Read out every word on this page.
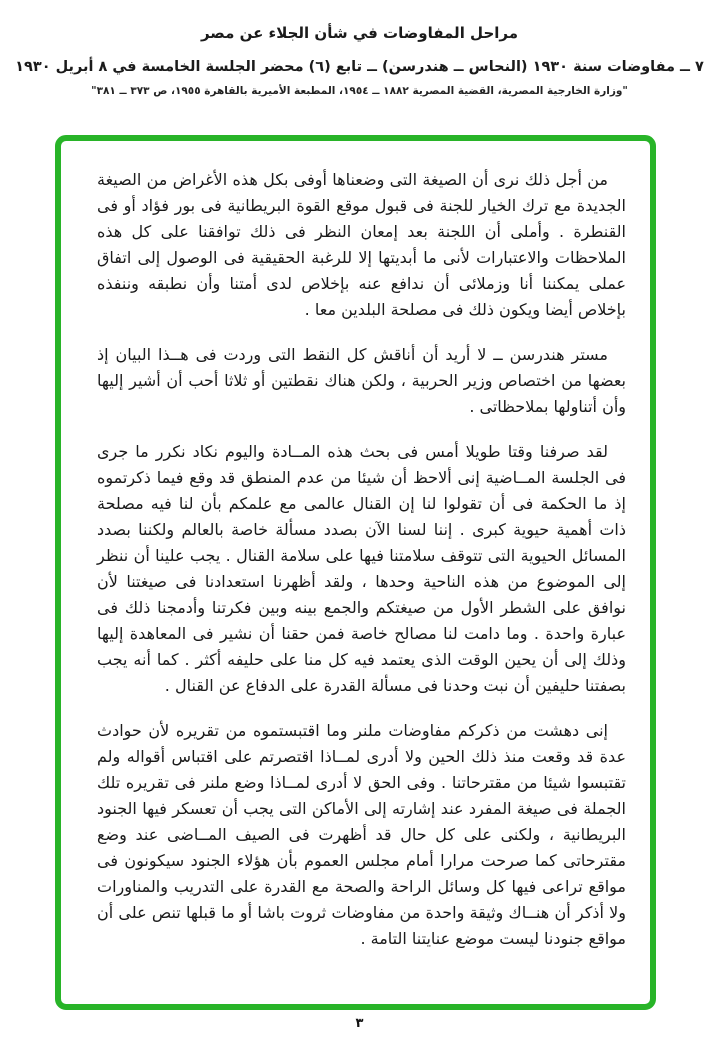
مراحل المفاوضات في شأن الجلاء عن مصر
٧ ــ مفاوضات سنة ١٩٣٠ (النحاس ــ هندرسن) ــ تابع (٦) محضر الجلسة الخامسة في ٨ أبريل ١٩٣٠
"وزارة الخارجية المصرية، القضية المصرية ١٨٨٢ ــ ١٩٥٤، المطبعة الأميرية بالقاهرة ١٩٥٥، ص ٣٧٣ ــ ٣٨١"

من أجل ذلك نرى أن الصيغة التى وضعناها أوفى بكل هذه الأغراض من الصيغة الجديدة مع ترك الخيار للجنة فى قبول موقع القوة البريطانية فى بور فؤاد أو فى القنطرة . وأملى أن اللجنة بعد إمعان النظر فى ذلك توافقنا على كل هذه الملاحظات والاعتبارات لأنى ما أبديتها إلا للرغبة الحقيقية فى الوصول إلى اتفاق عملى يمكننا أنا وزملائى أن ندافع عنه بإخلاص لدى أمتنا وأن نطبقه وننفذه بإخلاص أيضا ويكون ذلك فى مصلحة البلدين معا .

مستر هندرسن ــ لا أريد أن أناقش كل النقط التى وردت فى هــذا البيان إذ بعضها من اختصاص وزير الحربية ، ولكن هناك نقطتين أو ثلاثا أحب أن أشير إليها وأن أتناولها بملاحظاتى .

لقد صرفنا وقتا طويلا أمس فى بحث هذه المــادة واليوم نكاد نكرر ما جرى فى الجلسة المــاضية إنى ألاحظ أن شيئا من عدم المنطق قد وقع فيما ذكرتموه إذ ما الحكمة فى أن تقولوا لنا إن القنال عالمى مع علمكم بأن لنا فيه مصلحة ذات أهمية حيوية كبرى . إننا لسنا الآن بصدد مسألة خاصة بالعالم ولكننا بصدد المسائل الحيوية التى تتوقف سلامتنا فيها على سلامة القنال . يجب علينا أن ننظر إلى الموضوع من هذه الناحية وحدها ، ولقد أظهرنا استعدادنا فى صيغتنا لأن نوافق على الشطر الأول من صيغتكم والجمع بينه وبين فكرتنا وأدمجنا ذلك فى عبارة واحدة . وما دامت لنا مصالح خاصة فمن حقنا أن نشير فى المعاهدة إليها وذلك إلى أن يحين الوقت الذى يعتمد فيه كل منا على حليفه أكثر . كما أنه يجب بصفتنا حليفين أن نبت وحدنا فى مسألة القدرة على الدفاع عن القنال .

إنى دهشت من ذكركم مفاوضات ملنر وما اقتبستموه من تقريره لأن حوادث عدة قد وقعت منذ ذلك الحين ولا أدرى لمــاذا اقتصرتم على اقتباس أقواله ولم تقتبسوا شيئا من مقترحاتنا . وفى الحق لا أدرى لمــاذا وضع ملنر فى تقريره تلك الجملة فى صيغة المفرد عند إشارته إلى الأماكن التى يجب أن تعسكر فيها الجنود البريطانية ، ولكنى على كل حال قد أظهرت فى الصيف المــاضى عند وضع مقترحاتى كما صرحت مرارا أمام مجلس العموم بأن هؤلاء الجنود سيكونون فى مواقع تراعى فيها كل وسائل الراحة والصحة مع القدرة على التدريب والمناورات ولا أذكر أن هنــاك وثيقة واحدة من مفاوضات ثروت باشا أو ما قبلها تنص على أن مواقع جنودنا ليست موضع عنايتنا التامة .

٣
